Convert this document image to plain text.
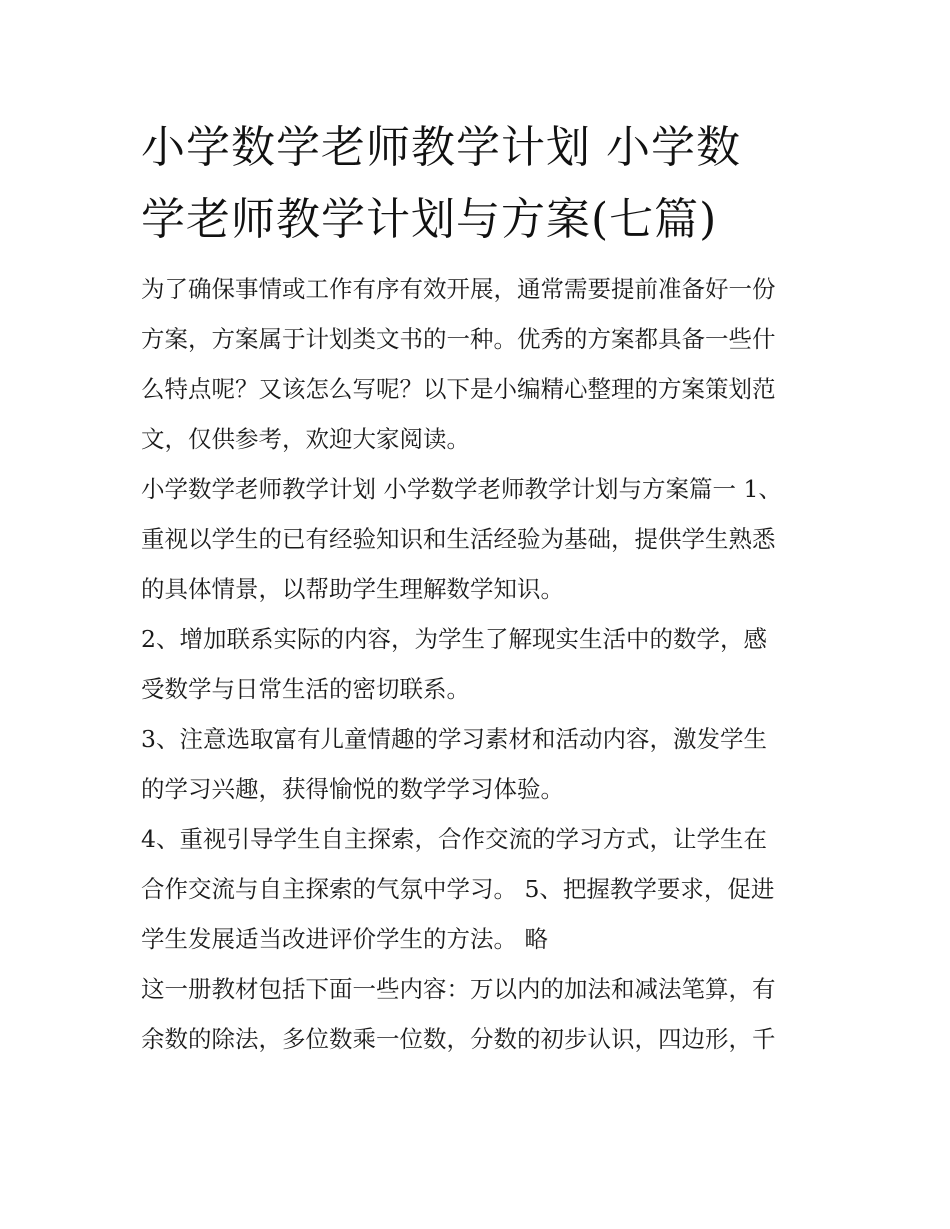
小学数学老师教学计划 小学数
学老师教学计划与方案(七篇)
为了确保事情或工作有序有效开展，通常需要提前准备好一份
方案，方案属于计划类文书的一种。优秀的方案都具备一些什
么特点呢？又该怎么写呢？以下是小编精心整理的方案策划范
文，仅供参考，欢迎大家阅读。
小学数学老师教学计划 小学数学老师教学计划与方案篇一 1、
重视以学生的已有经验知识和生活经验为基础，提供学生熟悉
的具体情景，以帮助学生理解数学知识。
2、增加联系实际的内容，为学生了解现实生活中的数学，感
受数学与日常生活的密切联系。
3、注意选取富有儿童情趣的学习素材和活动内容，激发学生
的学习兴趣，获得愉悦的数学学习体验。
4、重视引导学生自主探索，合作交流的学习方式，让学生在
合作交流与自主探索的气氛中学习。 5、把握教学要求，促进
学生发展适当改进评价学生的方法。 略
这一册教材包括下面一些内容：万以内的加法和减法笔算，有
余数的除法，多位数乘一位数，分数的初步认识，四边形，千
